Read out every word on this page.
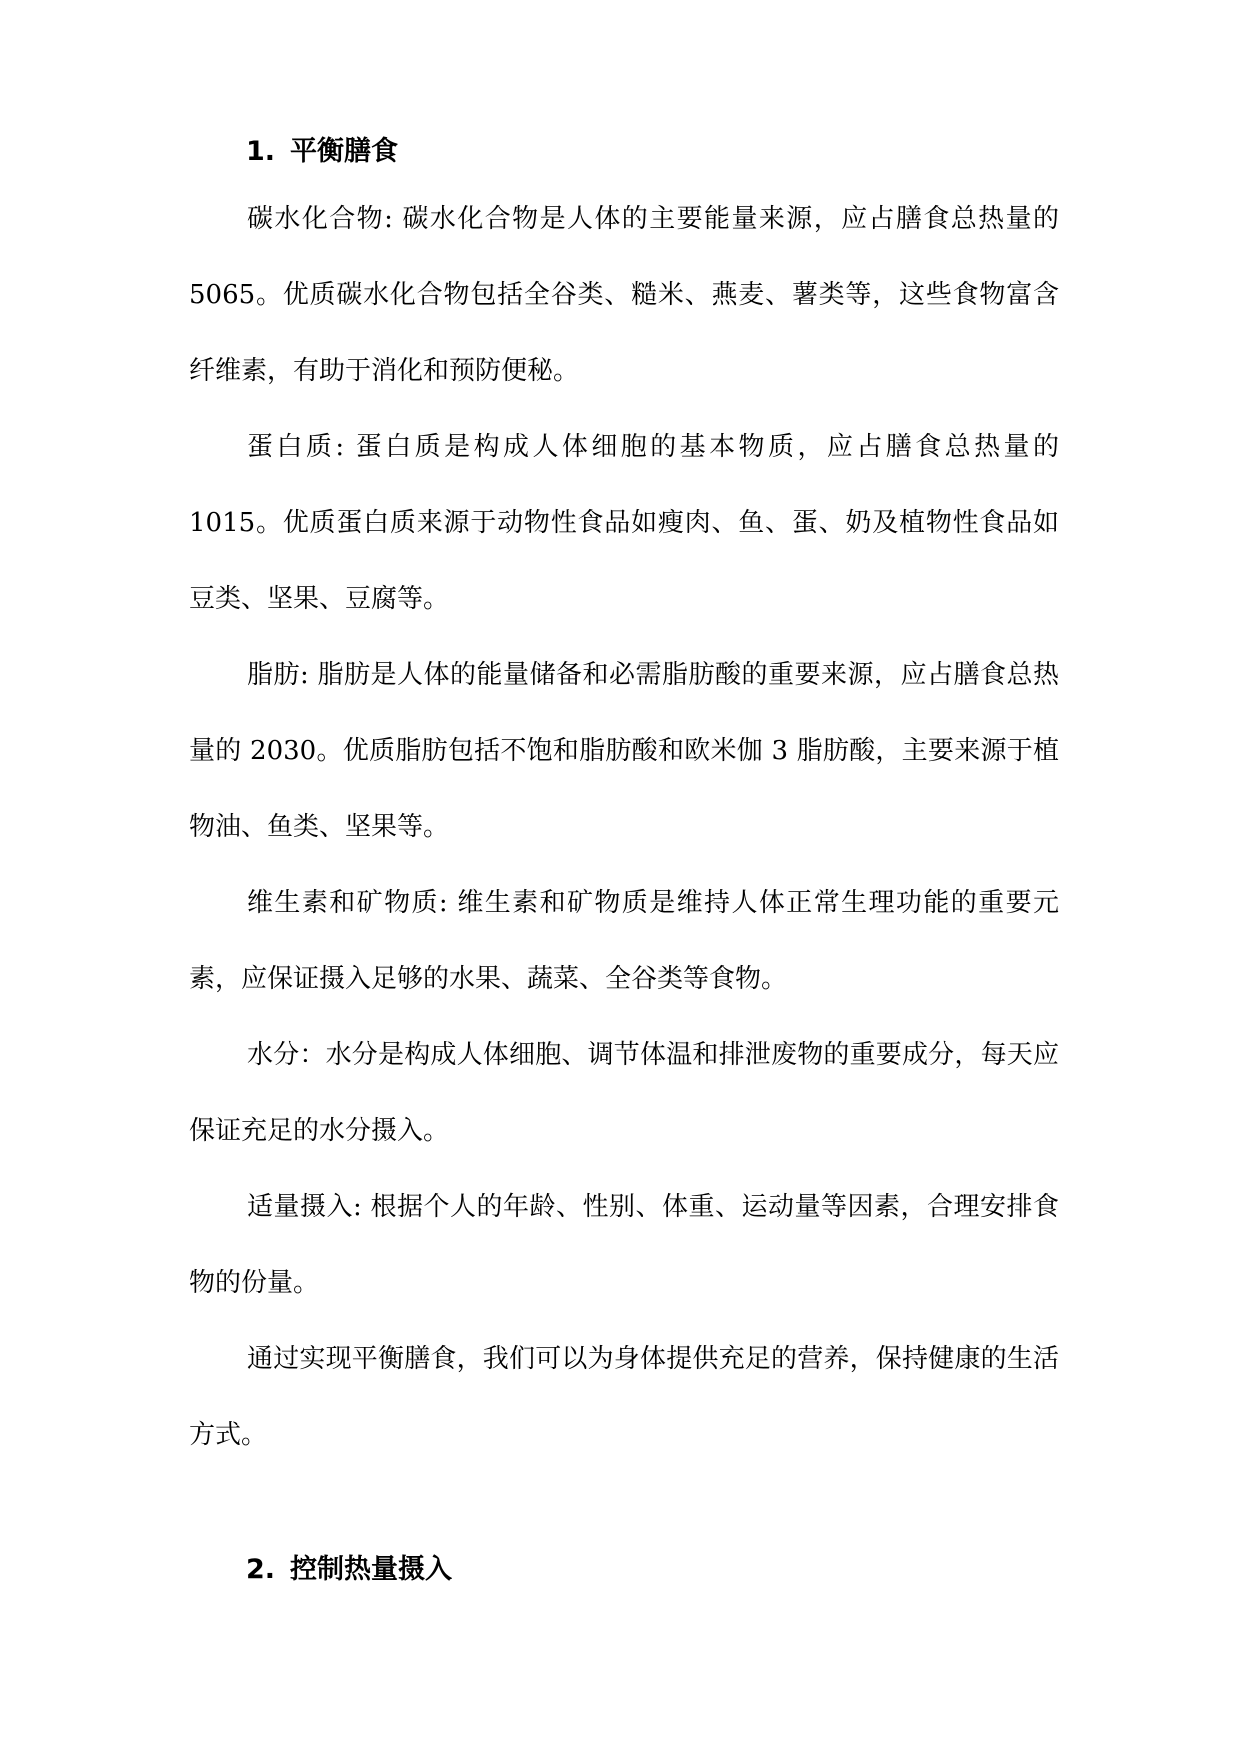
1. 平衡膳食

碳水化合物: 碳水化合物是人体的主要能量来源，应占膳食总热量的 5065。优质碳水化合物包括全谷类、糙米、燕麦、薯类等，这些食物富含纤维素，有助于消化和预防便秘。

蛋白质: 蛋白质是构成人体细胞的基本物质，应占膳食总热量的 1015。优质蛋白质来源于动物性食品如瘦肉、鱼、蛋、奶及植物性食品如豆类、坚果、豆腐等。

脂肪: 脂肪是人体的能量储备和必需脂肪酸的重要来源，应占膳食总热量的 2030。优质脂肪包括不饱和脂肪酸和欧米伽 3 脂肪酸，主要来源于植物油、鱼类、坚果等。

维生素和矿物质: 维生素和矿物质是维持人体正常生理功能的重要元素，应保证摄入足够的水果、蔬菜、全谷类等食物。

水分：水分是构成人体细胞、调节体温和排泄废物的重要成分，每天应保证充足的水分摄入。

适量摄入: 根据个人的年龄、性别、体重、运动量等因素，合理安排食物的份量。

通过实现平衡膳食，我们可以为身体提供充足的营养，保持健康的生活方式。

2. 控制热量摄入
